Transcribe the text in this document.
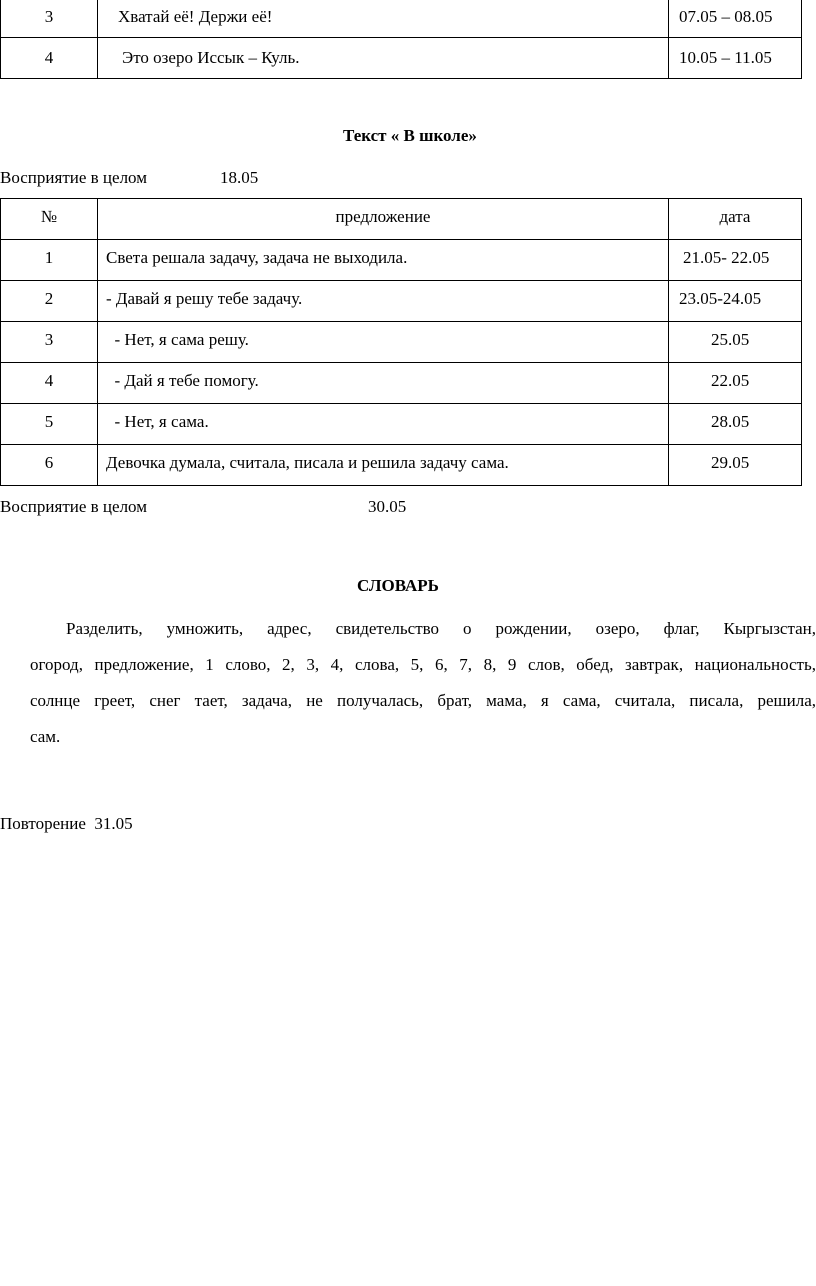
3	Хватай её! Держи её!	07.05 – 08.05
4	Это озеро Иссык – Куль.	10.05 – 11.05
Текст « В школе»
Восприятие в целом	18.05
№	предложение	дата
1	Света решала задачу, задача не выходила.	21.05- 22.05
2	- Давай я решу тебе задачу.	23.05-24.05
3	- Нет, я сама решу.	25.05
4	- Дай я тебе помогу.	22.05
5	- Нет, я сама.	28.05
6	Девочка думала, считала, писала и решила задачу сама.	29.05
Восприятие в целом	30.05
СЛОВАРЬ
Разделить, умножить, адрес, свидетельство о рождении, озеро, флаг, Кыргызстан,
огород, предложение, 1 слово, 2, 3, 4, слова, 5, 6, 7, 8, 9 слов, обед, завтрак, национальность,
солнце греет, снег тает, задача, не получалась, брат, мама, я сама, считала, писала, решила,
сам.
Повторение  31.05
